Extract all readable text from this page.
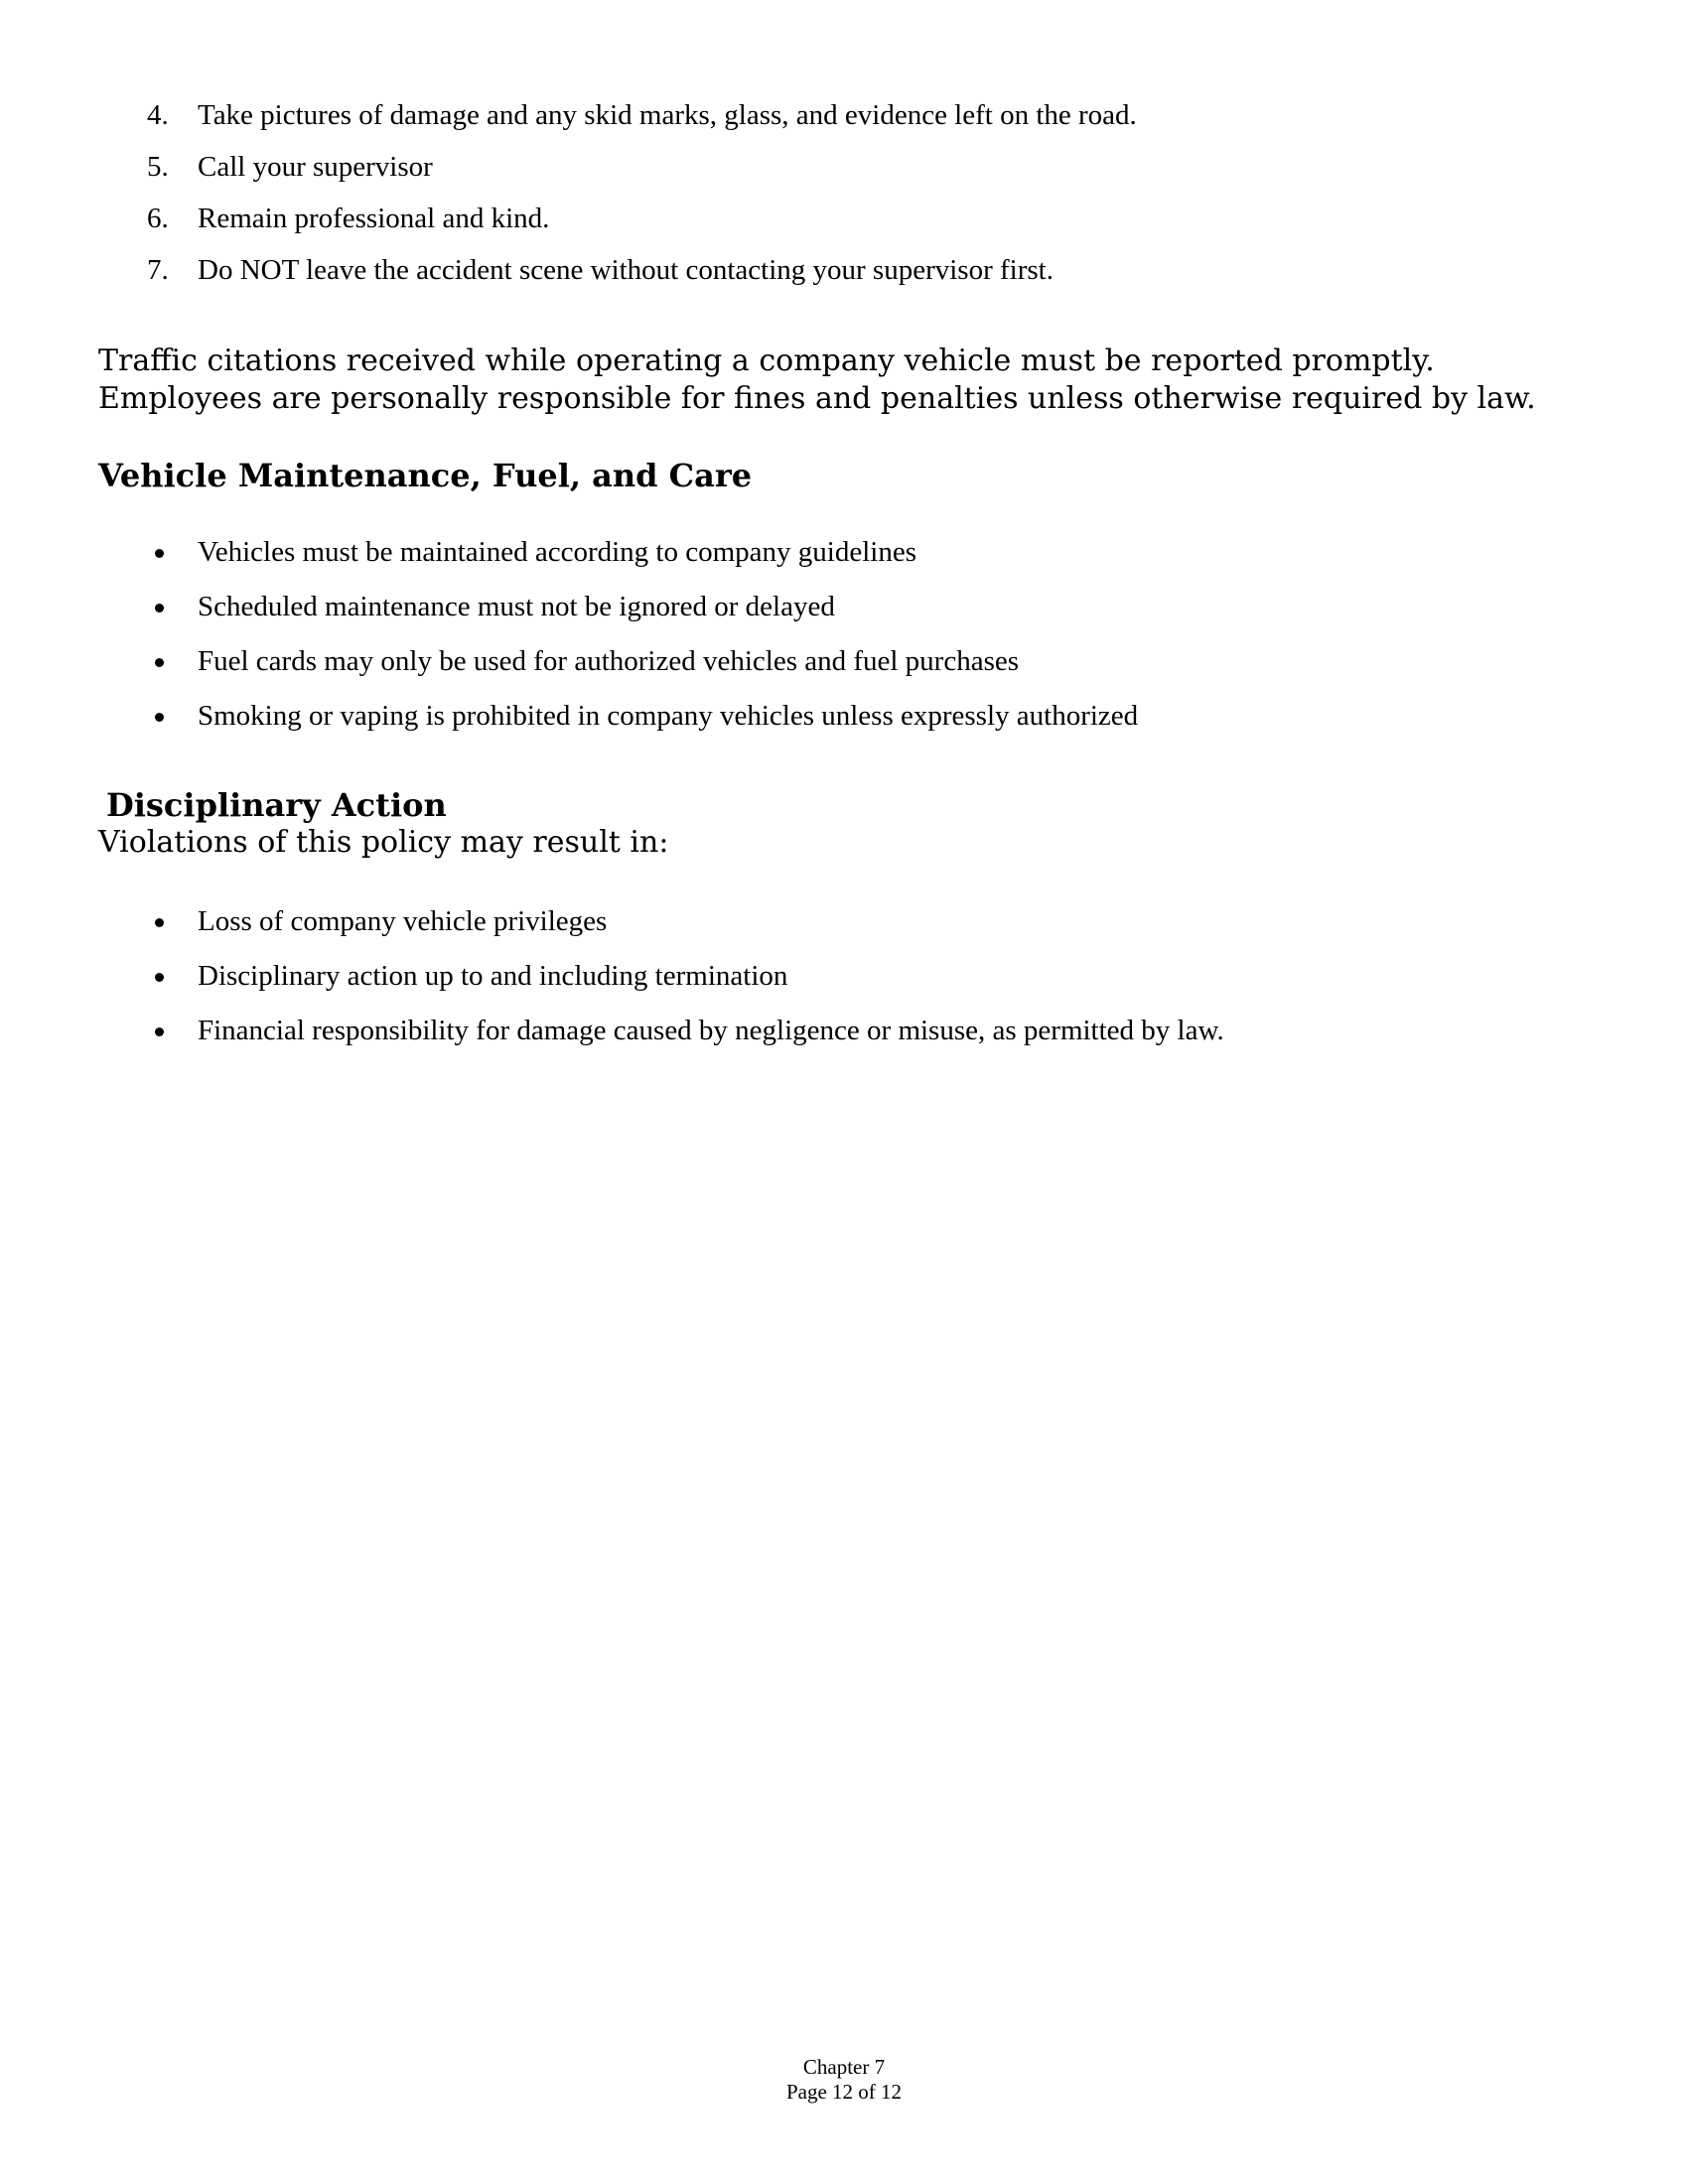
4. Take pictures of damage and any skid marks, glass, and evidence left on the road.
5. Call your supervisor
6. Remain professional and kind.
7. Do NOT leave the accident scene without contacting your supervisor first.

Traffic citations received while operating a company vehicle must be reported promptly. Employees are personally responsible for fines and penalties unless otherwise required by law.

Vehicle Maintenance, Fuel, and Care
Vehicles must be maintained according to company guidelines
Scheduled maintenance must not be ignored or delayed
Fuel cards may only be used for authorized vehicles and fuel purchases
Smoking or vaping is prohibited in company vehicles unless expressly authorized
Disciplinary Action

Violations of this policy may result in:

Loss of company vehicle privileges
Disciplinary action up to and including termination
Financial responsibility for damage caused by negligence or misuse, as permitted by law.
Chapter 7
Page 12 of 12
